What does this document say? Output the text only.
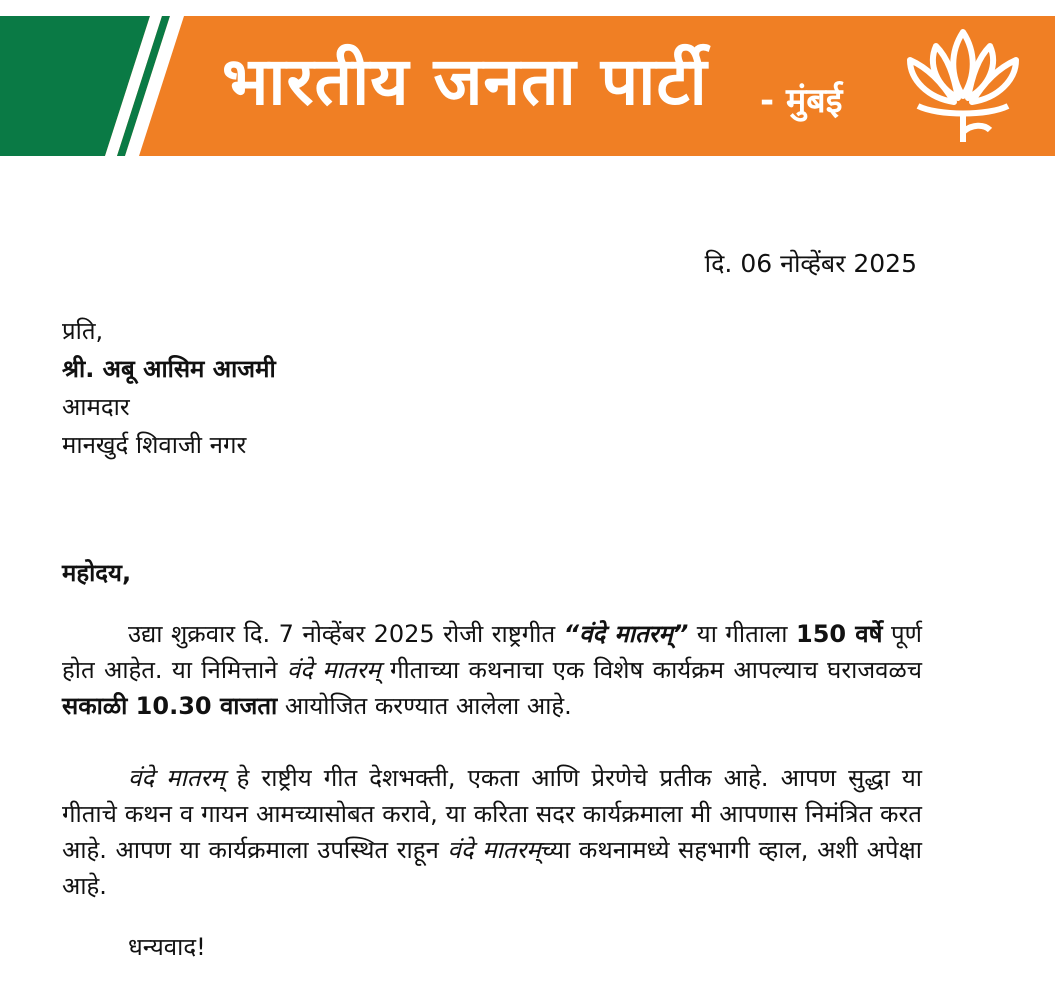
भारतीय जनता पार्टी - मुंबई
दि. 06 नोव्हेंबर 2025
प्रति,
श्री. अबू आसिम आजमी
आमदार
मानखुर्द शिवाजी नगर
महोदय,
उद्या शुक्रवार दि. 7 नोव्हेंबर 2025 रोजी राष्ट्रगीत “वंदे मातरम्” या गीताला 150 वर्षे पूर्ण होत आहेत. या निमित्ताने वंदे मातरम् गीताच्या कथनाचा एक विशेष कार्यक्रम आपल्याच घराजवळच सकाळी 10.30 वाजता आयोजित करण्यात आलेला आहे.
वंदे मातरम् हे राष्ट्रीय गीत देशभक्ती, एकता आणि प्रेरणेचे प्रतीक आहे. आपण सुद्धा या गीताचे कथन व गायन आमच्यासोबत करावे, या करिता सदर कार्यक्रमाला मी आपणास निमंत्रित करत आहे. आपण या कार्यक्रमाला उपस्थित राहून वंदे मातरम्च्या कथनामध्ये सहभागी व्हाल, अशी अपेक्षा आहे.
धन्यवाद!
